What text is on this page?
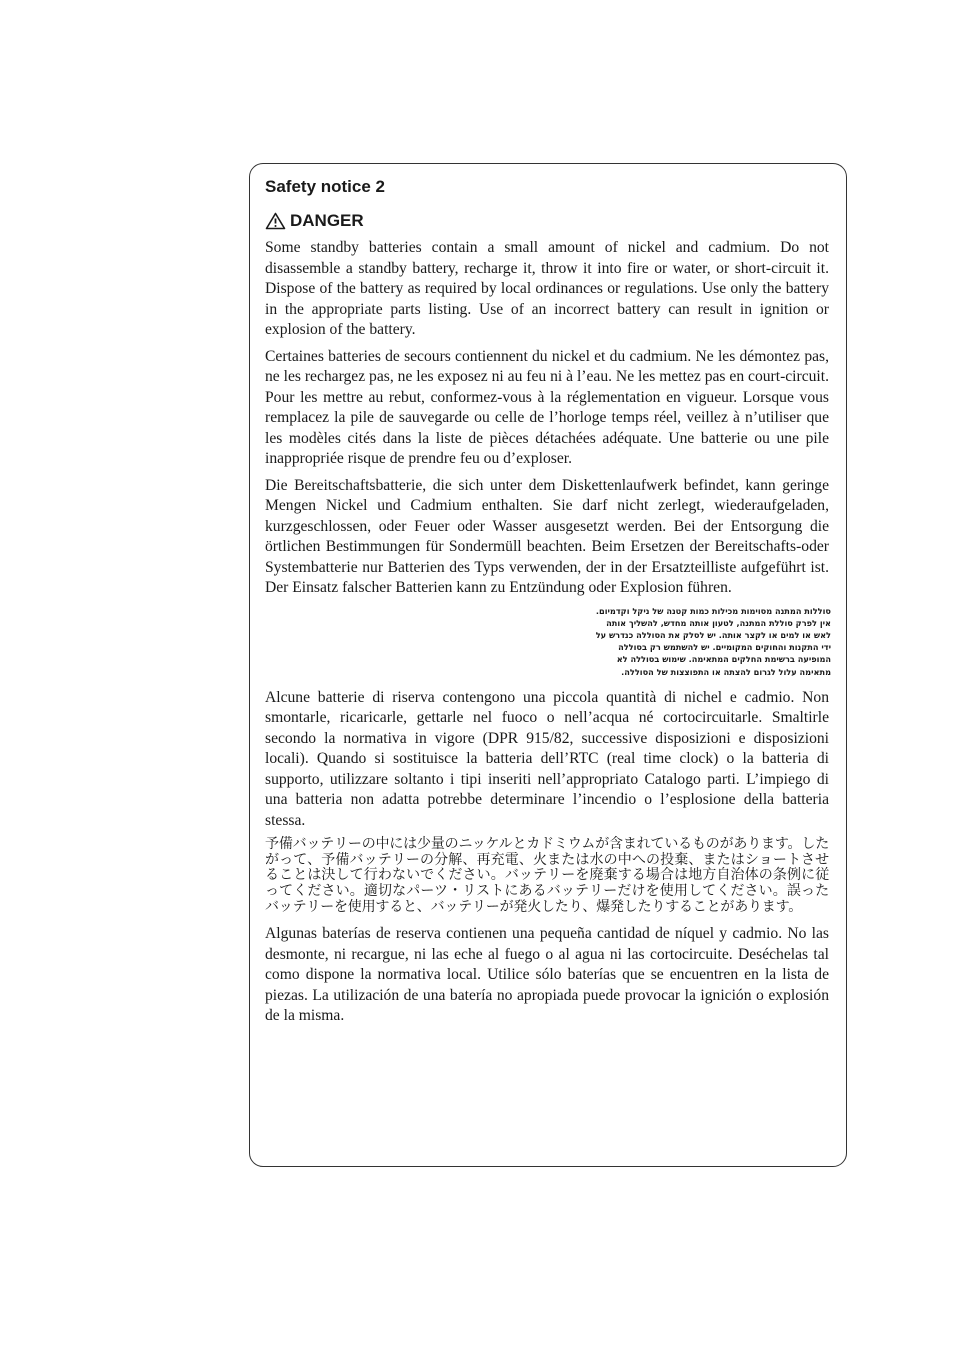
Safety notice 2
DANGER

Some standby batteries contain a small amount of nickel and cadmium. Do not disassemble a standby battery, recharge it, throw it into fire or water, or short-circuit it. Dispose of the battery as required by local ordinances or regulations. Use only the battery in the appropriate parts listing. Use of an incorrect battery can result in ignition or explosion of the battery.

Certaines batteries de secours contiennent du nickel et du cadmium. Ne les démontez pas, ne les rechargez pas, ne les exposez ni au feu ni à l’eau. Ne les mettez pas en court-circuit. Pour les mettre au rebut, conformez-vous à la réglementation en vigueur. Lorsque vous remplacez la pile de sauvegarde ou celle de l’horloge temps réel, veillez à n’utiliser que les modèles cités dans la liste de pièces détachées adéquate. Une batterie ou une pile inappropriée risque de prendre feu ou d’exploser.

Die Bereitschaftsbatterie, die sich unter dem Diskettenlaufwerk befindet, kann geringe Mengen Nickel und Cadmium enthalten. Sie darf nicht zerlegt, wiederaufgeladen, kurzgeschlossen, oder Feuer oder Wasser ausgesetzt werden. Bei der Entsorgung die örtlichen Bestimmungen für Sondermüll beachten. Beim Ersetzen der Bereitschafts-oder Systembatterie nur Batterien des Typs verwenden, der in der Ersatzteilliste aufgeführt ist. Der Einsatz falscher Batterien kann zu Entzündung oder Explosion führen.

סוללות המתנה מסוימות מכילות כמות קטנה של ניקל וקדמיום. אין לפרק סוללת המתנה, לטעון אותה מחדש, להשליך אותה לאש או למים או לקצר אותה. יש לסלק את הסוללה כנדרש על ידי התקנות והחוקים המקומיים. יש להשתמש רק בסוללה המופיעה ברשימת החלקים המתאימה. שימוש בסוללה לא מתאימה עלול לגרום להצתה או התפוצצות של הסוללה.

Alcune batterie di riserva contengono una piccola quantità di nichel e cadmio. Non smontarle, ricaricarle, gettarle nel fuoco o nell’acqua né cortocircuitarle. Smaltirle secondo la normativa in vigore (DPR 915/82, successive disposizioni e disposizioni locali). Quando si sostituisce la batteria dell’RTC (real time clock) o la batteria di supporto, utilizzare soltanto i tipi inseriti nell’appropriato Catalogo parti. L’impiego di una batteria non adatta potrebbe determinare l’incendio o l’esplosione della batteria stessa.

予備バッテリーの中には少量のニッケルとカドミウムが含まれているものがあります。したがって、予備バッテリーの分解、再充電、火または水の中への投棄、またはショートさせることは決して行わないでください。バッテリーを廃棄する場合は地方自治体の条例に従ってください。適切なパーツ・リストにあるバッテリーだけを使用してください。誤ったバッテリーを使用すると、バッテリーが発火したり、爆発したりすることがあります。

Algunas baterías de reserva contienen una pequeña cantidad de níquel y cadmio. No las desmonte, ni recargue, ni las eche al fuego o al agua ni las cortocircuite. Deséchelas tal como dispone la normativa local. Utilice sólo baterías que se encuentren en la lista de piezas. La utilización de una batería no apropiada puede provocar la ignición o explosión de la misma.
